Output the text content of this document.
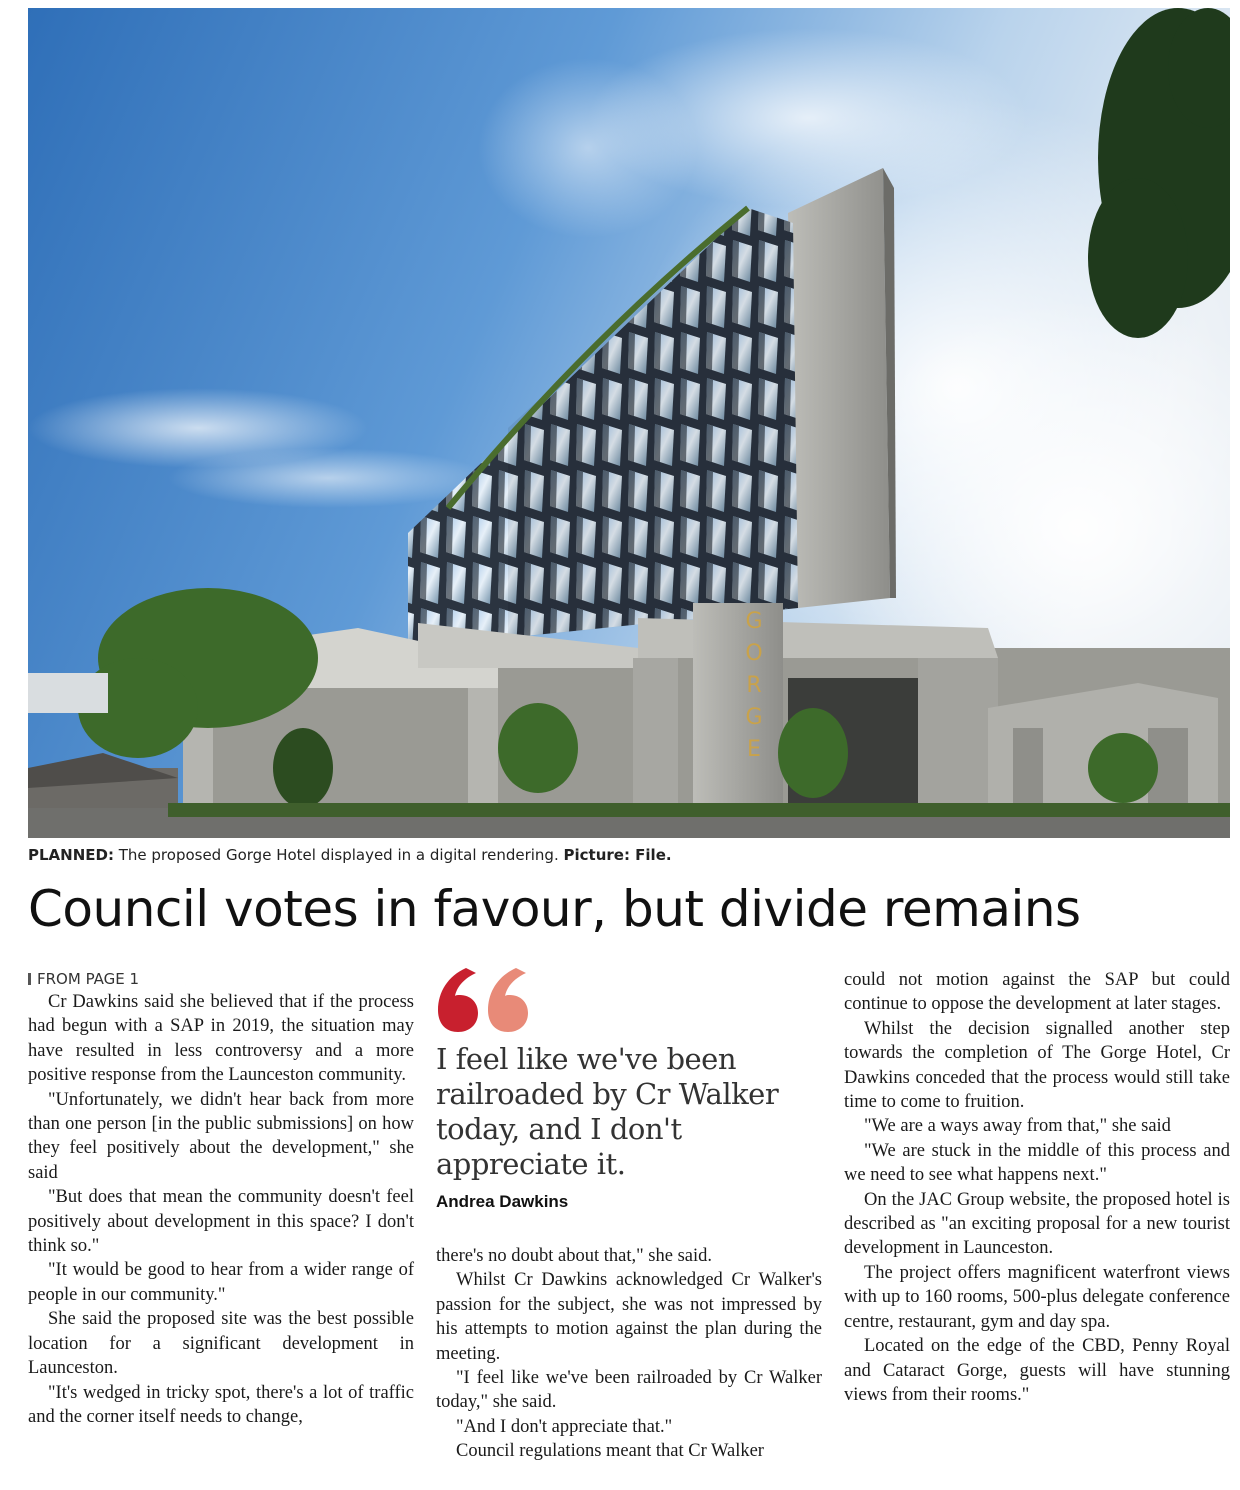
G
O
R
G
E
PLANNED: The proposed Gorge Hotel displayed in a digital rendering. Picture: File.
Council votes in favour, but divide remains

FROM PAGE 1

Cr Dawkins said she believed that if the process had begun with a SAP in 2019, the situation may have resulted in less controversy and a more positive response from the Launceston community.

"Unfortunately, we didn't hear back from more than one person [in the public submissions] on how they feel positively about the development," she said

"But does that mean the community doesn't feel positively about development in this space? I don't think so."

"It would be good to hear from a wider range of people in our community."

She said the proposed site was the best possible location for a significant development in Launceston.

"It's wedged in tricky spot, there's a lot of traffic and the corner itself needs to change,

I feel like we've been railroaded by Cr Walker today, and I don't appreciate it.
Andrea Dawkins

there's no doubt about that," she said.

Whilst Cr Dawkins acknowledged Cr Walker's passion for the subject, she was not impressed by his attempts to motion against the plan during the meeting.

"I feel like we've been railroaded by Cr Walker today," she said.

"And I don't appreciate that."

Council regulations meant that Cr Walker

could not motion against the SAP but could continue to oppose the development at later stages.

Whilst the decision signalled another step towards the completion of The Gorge Hotel, Cr Dawkins conceded that the process would still take time to come to fruition.

"We are a ways away from that," she said

"We are stuck in the middle of this process and we need to see what happens next."

On the JAC Group website, the proposed hotel is described as "an exciting proposal for a new tourist development in Launceston.

The project offers magnificent waterfront views with up to 160 rooms, 500-plus delegate conference centre, restaurant, gym and day spa.

Located on the edge of the CBD, Penny Royal and Cataract Gorge, guests will have stunning views from their rooms."
